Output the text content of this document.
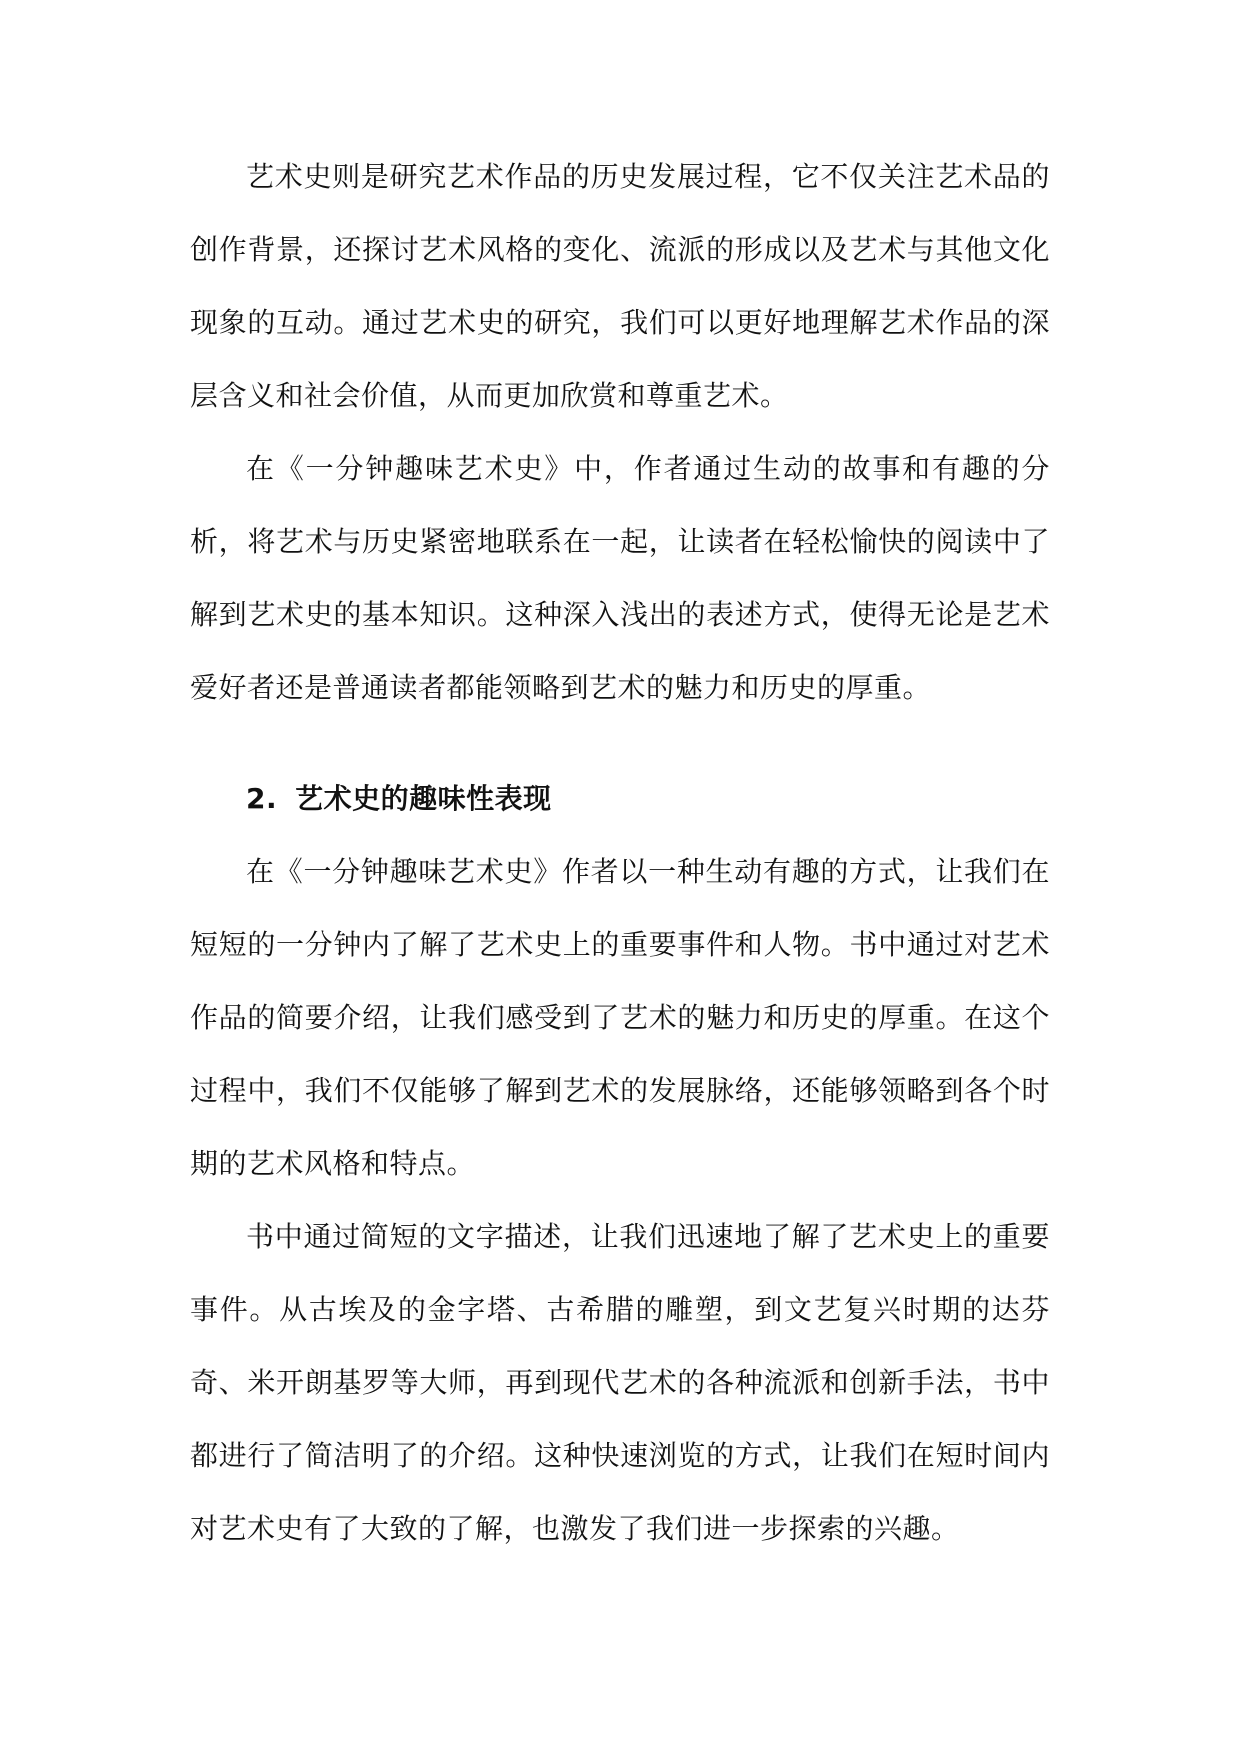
艺术史则是研究艺术作品的历史发展过程，它不仅关注艺术品的创作背景，还探讨艺术风格的变化、流派的形成以及艺术与其他文化现象的互动。通过艺术史的研究，我们可以更好地理解艺术作品的深层含义和社会价值，从而更加欣赏和尊重艺术。

在《一分钟趣味艺术史》中，作者通过生动的故事和有趣的分析，将艺术与历史紧密地联系在一起，让读者在轻松愉快的阅读中了解到艺术史的基本知识。这种深入浅出的表述方式，使得无论是艺术爱好者还是普通读者都能领略到艺术的魅力和历史的厚重。

2. 艺术史的趣味性表现

在《一分钟趣味艺术史》作者以一种生动有趣的方式，让我们在短短的一分钟内了解了艺术史上的重要事件和人物。书中通过对艺术作品的简要介绍，让我们感受到了艺术的魅力和历史的厚重。在这个过程中，我们不仅能够了解到艺术的发展脉络，还能够领略到各个时期的艺术风格和特点。

书中通过简短的文字描述，让我们迅速地了解了艺术史上的重要事件。从古埃及的金字塔、古希腊的雕塑，到文艺复兴时期的达芬奇、米开朗基罗等大师，再到现代艺术的各种流派和创新手法，书中都进行了简洁明了的介绍。这种快速浏览的方式，让我们在短时间内对艺术史有了大致的了解，也激发了我们进一步探索的兴趣。
